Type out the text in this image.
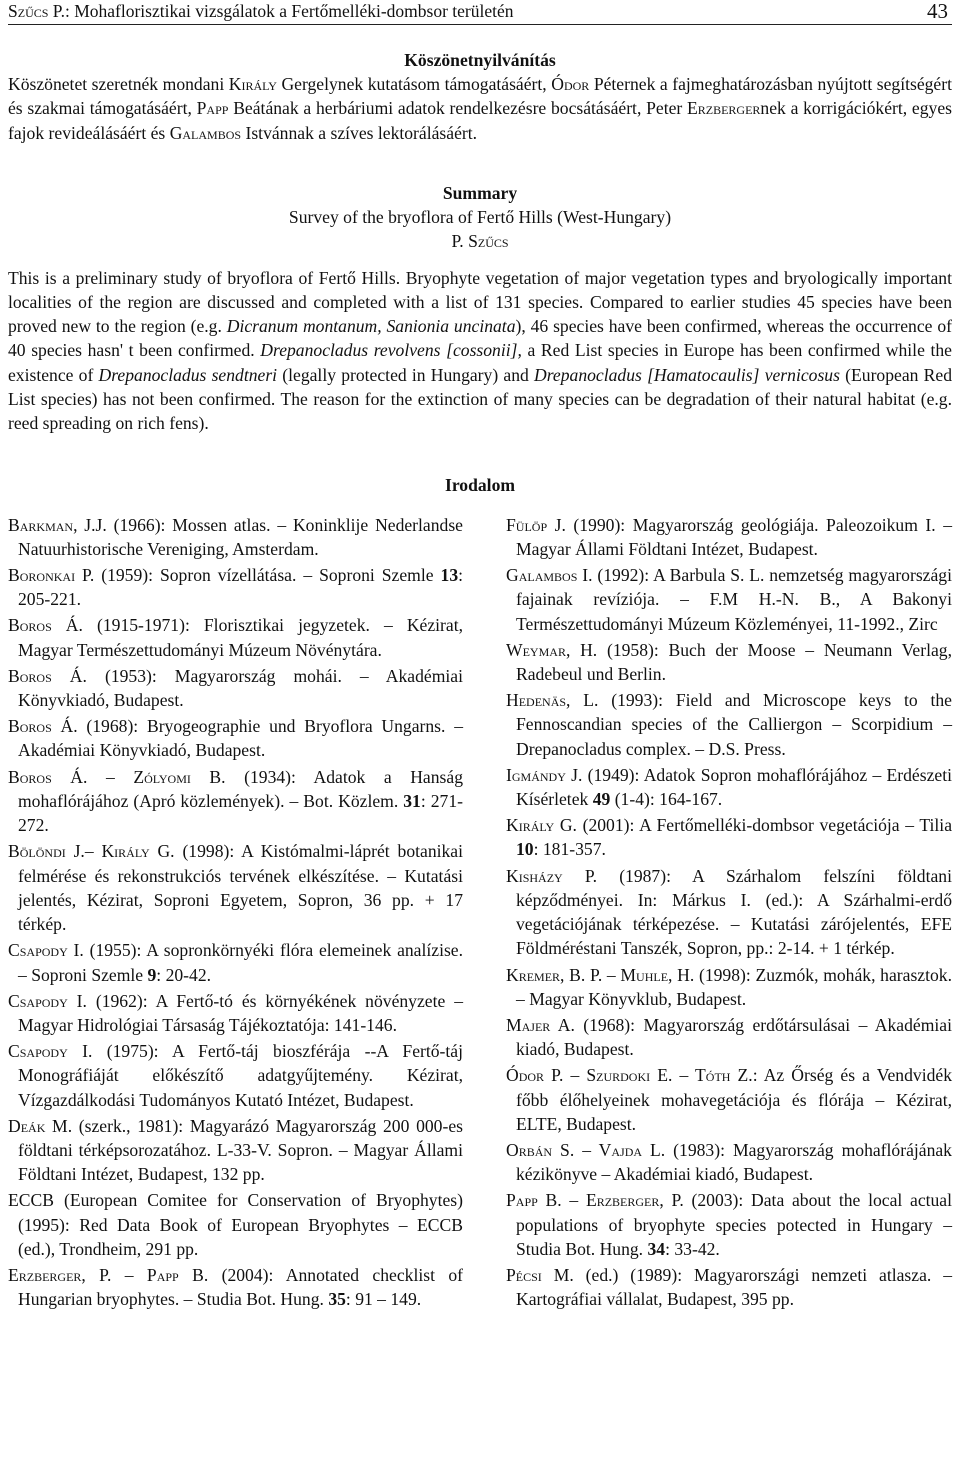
Szűcs P.: Mohaflorisztikai vizsgálatok a Fertőmelléki-dombsor területén	43
Köszönetnyilvánítás

Köszönetet szeretnék mondani Király Gergelynek kutatásom támogatásáért, Ódor Péternek a fajmeghatározásban nyújtott segítségért és szakmai támogatásáért, Papp Beátának a herbáriumi adatok rendelkezésre bocsátásáért, Peter Erzbergernek a korrigációkért, egyes fajok revideálásáért és Galambos Istvánnak a szíves lektorálásáért.

Summary
Survey of the bryoflora of Fertő Hills (West-Hungary)
P. Szűcs

This is a preliminary study of bryoflora of Fertő Hills. Bryophyte vegetation of major vegetation types and bryologically important localities of the region are discussed and completed with a list of 131 species. Compared to earlier studies 45 species have been proved new to the region (e.g. Dicranum montanum, Sanionia uncinata), 46 species have been confirmed, whereas the occurrence of 40 species hasn' t been confirmed. Drepanocladus revolvens [cossonii], a Red List species in Europe has been confirmed while the existence of Drepanocladus sendtneri (legally protected in Hungary) and Drepanocladus [Hamatocaulis] vernicosus (European Red List species) has not been confirmed. The reason for the extinction of many species can be degradation of their natural habitat (e.g. reed spreading on rich fens).

Irodalom

Barkman, J.J. (1966): Mossen atlas. – Koninklije Nederlandse Natuurhistorische Vereniging, Amsterdam.

Boronkai P. (1959): Sopron vízellátása. – Soproni Szemle 13: 205-221.

Boros Á. (1915-1971): Florisztikai jegyzetek. – Kézirat, Magyar Természettudományi Múzeum Növénytára.

Boros Á. (1953): Magyarország mohái. – Akadémiai Könyvkiadó, Budapest.

Boros Á. (1968): Bryogeographie und Bryoflora Ungarns. – Akadémiai Könyvkiadó, Budapest.

Boros Á. – Zólyomi B. (1934): Adatok a Hanság mohaflórájához (Apró közlemények). – Bot. Közlem. 31: 271-272.

Bölöndi J.– Király G. (1998): A Kistómalmi-láprét botanikai felmérése és rekonstrukciós tervének elkészítése. – Kutatási jelentés, Kézirat, Soproni Egyetem, Sopron, 36 pp. + 17 térkép.

Csapody I. (1955): A sopronkörnyéki flóra elemeinek analízise. – Soproni Szemle 9: 20-42.

Csapody I. (1962): A Fertő-tó és környékének növényzete – Magyar Hidrológiai Társaság Tájékoztatója: 141-146.

Csapody I. (1975): A Fertő-táj bioszférája --A Fertő-táj Monográfiáját előkészítő adatgyűjtemény. Kézirat, Vízgazdálkodási Tudományos Kutató Intézet, Budapest.

Deák M. (szerk., 1981): Magyarázó Magyarország 200 000-es földtani térképsorozatához. L-33-V. Sopron. – Magyar Állami Földtani Intézet, Budapest, 132 pp.

ECCB (European Comitee for Conservation of Bryophytes) (1995): Red Data Book of European Bryophytes – ECCB (ed.), Trondheim, 291 pp.

Erzberger, P. – Papp B. (2004): Annotated checklist of Hungarian bryophytes. – Studia Bot. Hung. 35: 91 – 149.

Fülöp J. (1990): Magyarország geológiája. Paleozoikum I. – Magyar Állami Földtani Intézet, Budapest.

Galambos I. (1992): A Barbula S. L. nemzetség magyarországi fajainak revíziója. – F.M H.-N. B., A Bakonyi Természettudományi Múzeum Közleményei, 11-1992., Zirc

Weymar, H. (1958): Buch der Moose – Neumann Verlag, Radebeul und Berlin.

Hedenäs, L. (1993): Field and Microscope keys to the Fennoscandian species of the Calliergon – Scorpidium – Drepanocladus complex. – D.S. Press.

Igmándy J. (1949): Adatok Sopron mohaflórájához – Erdészeti Kísérletek 49 (1-4): 164-167.

Király G. (2001): A Fertőmelléki-dombsor vegetációja – Tilia 10: 181-357.

Kisházy P. (1987): A Szárhalom felszíni földtani képződményei. In: Márkus I. (ed.): A Szárhalmi-erdő vegetációjának térképezése. – Kutatási zárójelentés, EFE Földméréstani Tanszék, Sopron, pp.: 2-14. + 1 térkép.

Kremer, B. P. – Muhle, H. (1998): Zuzmók, mohák, harasztok. – Magyar Könyvklub, Budapest.

Majer A. (1968): Magyarország erdőtársulásai – Akadémiai kiadó, Budapest.

Ódor P. – Szurdoki E. – Tóth Z.: Az Őrség és a Vendvidék főbb élőhelyeinek mohavegetációja és flórája – Kézirat, ELTE, Budapest.

Orbán S. – Vajda L. (1983): Magyarország mohaflórájának kézikönyve – Akadémiai kiadó, Budapest.

Papp B. – Erzberger, P. (2003): Data about the local actual populations of bryophyte species potected in Hungary – Studia Bot. Hung. 34: 33-42.

Pécsi M. (ed.) (1989): Magyarországi nemzeti atlasza. – Kartográfiai vállalat, Budapest, 395 pp.
